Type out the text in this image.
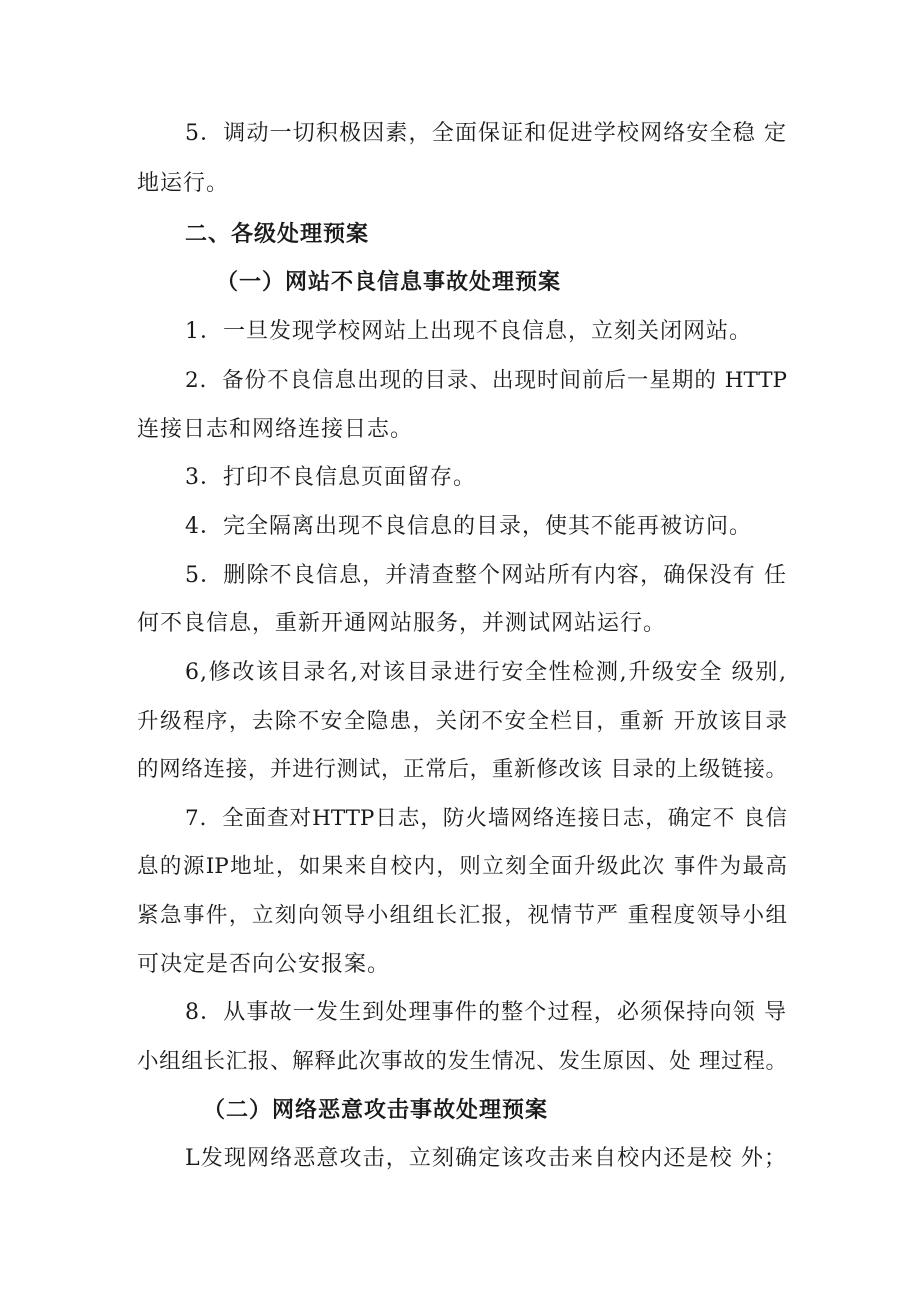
5．调动一切积极因素，全面保证和促进学校网络安全稳 定
地运行。
二、各级处理预案
（一）网站不良信息事故处理预案
1．一旦发现学校网站上出现不良信息，立刻关闭网站。
2．备份不良信息出现的目录、出现时间前后一星期的 HTTP
连接日志和网络连接日志。
3．打印不良信息页面留存。
4．完全隔离出现不良信息的目录，使其不能再被访问。
5．删除不良信息，并清查整个网站所有内容，确保没有 任
何不良信息，重新开通网站服务，并测试网站运行。
6,修改该目录名,对该目录进行安全性检测,升级安全 级别,
升级程序，去除不安全隐患，关闭不安全栏目，重新 开放该目录
的网络连接，并进行测试，正常后，重新修改该 目录的上级链接。
7．全面查对HTTP日志，防火墙网络连接日志，确定不 良信
息的源IP地址，如果来自校内，则立刻全面升级此次 事件为最高
紧急事件，立刻向领导小组组长汇报，视情节严 重程度领导小组
可决定是否向公安报案。
8．从事故一发生到处理事件的整个过程，必须保持向领 导
小组组长汇报、解释此次事故的发生情况、发生原因、处 理过程。
（二）网络恶意攻击事故处理预案
L发现网络恶意攻击，立刻确定该攻击来自校内还是校 外；
